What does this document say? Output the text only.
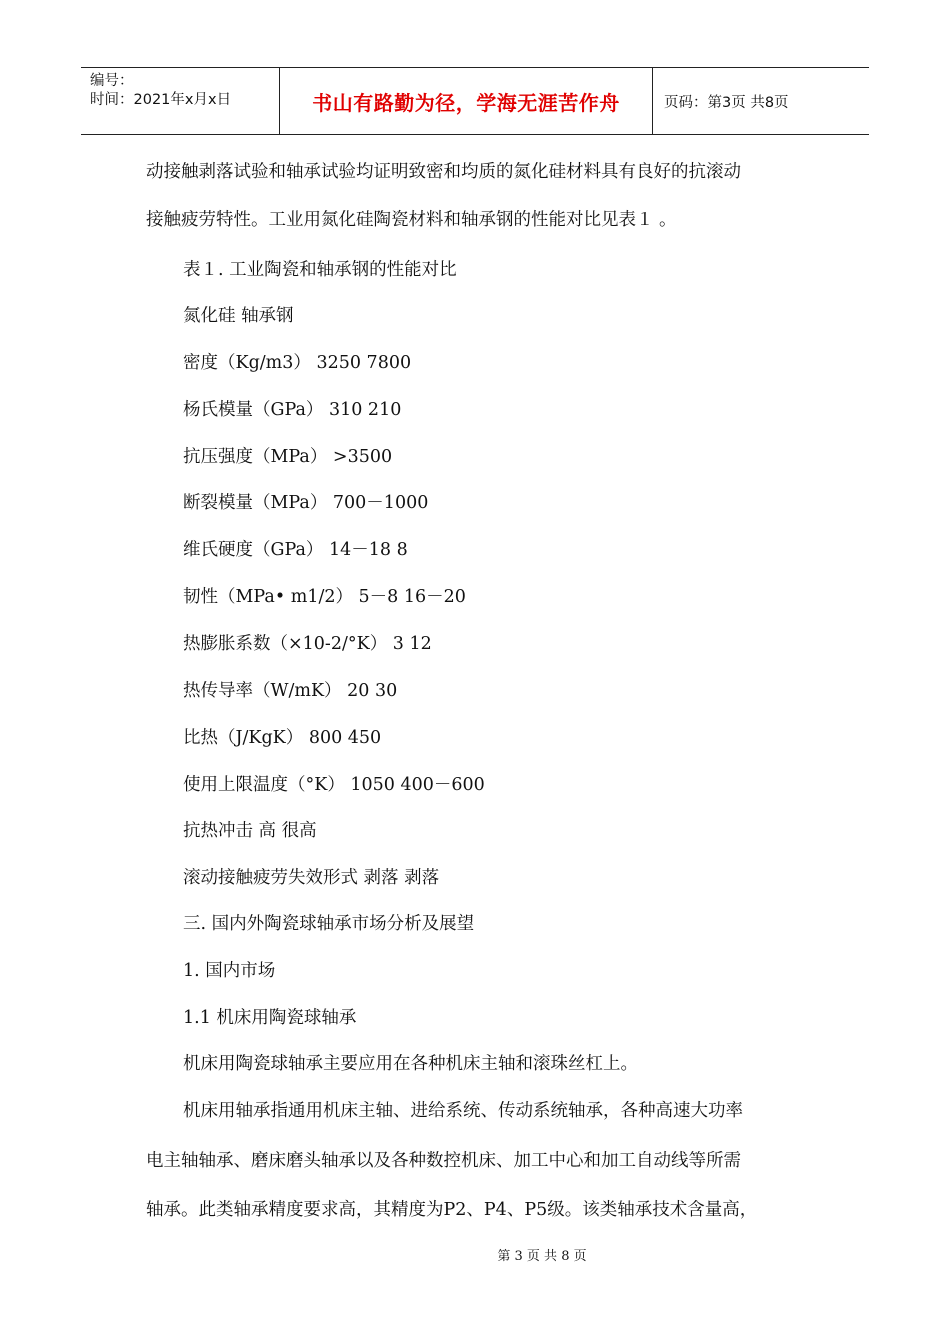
编号：
时间：2021年x月x日	书山有路勤为径，学海无涯苦作舟	页码：第3页 共8页
动接触剥落试验和轴承试验均证明致密和均质的氮化硅材料具有良好的抗滚动
接触疲劳特性。工业用氮化硅陶瓷材料和轴承钢的性能对比见表１ 。
表１. 工业陶瓷和轴承钢的性能对比
氮化硅 轴承钢
密度（Kg/m3） 3250 7800
杨氏模量（GPa） 310 210
抗压强度（MPa） >3500
断裂模量（MPa） 700－1000
维氏硬度（GPa） 14－18 8
韧性（MPa• m1/2） 5－8 16－20
热膨胀系数（×10-2/°K） 3 12
热传导率（W/mK） 20 30
比热（J/KgK） 800 450
使用上限温度（°K） 1050 400－600
抗热冲击 高 很高
滚动接触疲劳失效形式 剥落 剥落
三. 国内外陶瓷球轴承市场分析及展望
1. 国内市场
1.1 机床用陶瓷球轴承
机床用陶瓷球轴承主要应用在各种机床主轴和滚珠丝杠上。
机床用轴承指通用机床主轴、进给系统、传动系统轴承，各种高速大功率
电主轴轴承、磨床磨头轴承以及各种数控机床、加工中心和加工自动线等所需
轴承。此类轴承精度要求高，其精度为P2、P4、P5级。该类轴承技术含量高，
第 3 页 共 8 页
